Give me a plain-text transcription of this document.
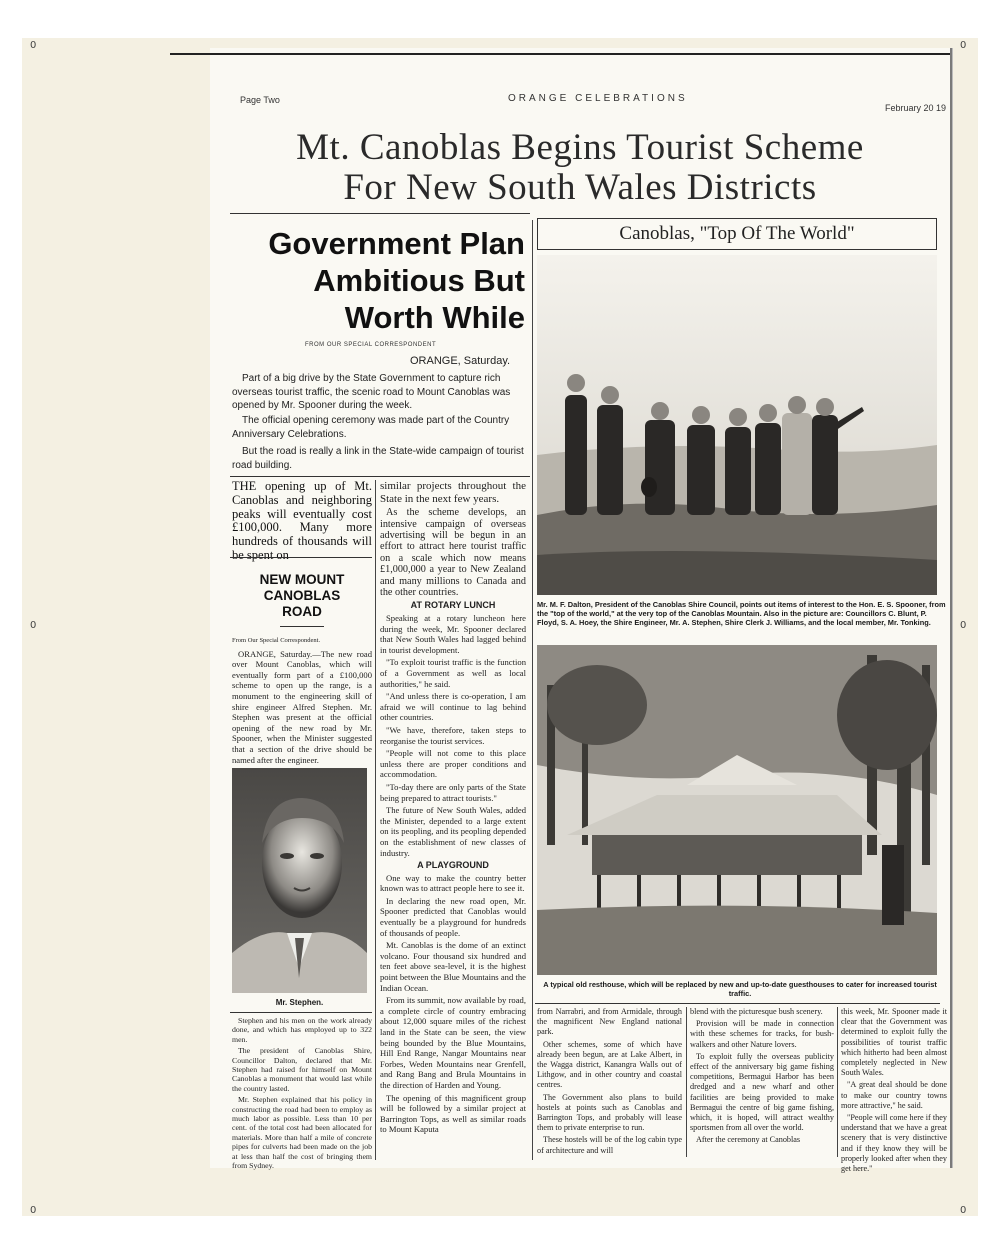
0	0
0	0
0
0
Page Two	ORANGE CELEBRATIONS
February 20 19
Mt. Canoblas Begins Tourist Scheme
For New South Wales Districts
Government Plan
Ambitious But
Worth While
FROM OUR SPECIAL CORRESPONDENT
ORANGE, Saturday.

Part of a big drive by the State Government to capture rich overseas tourist traffic, the scenic road to Mount Canoblas was opened by Mr. Spooner during the week.

The official opening ceremony was made part of the Country Anniversary Celebrations.

But the road is really a link in the State-wide campaign of tourist road building.

THE opening up of Mt. Canoblas and neighboring peaks will eventually cost £100,000. Many more hundreds of thousands will be spent on
NEW MOUNT
CANOBLAS
ROAD

From Our Special Correspondent.

ORANGE, Saturday.—The new road over Mount Canoblas, which will eventually form part of a £100,000 scheme to open up the range, is a monument to the engineering skill of shire engineer Alfred Stephen. Mr. Stephen was present at the official opening of the new road by Mr. Spooner, when the Minister suggested that a section of the drive should be named after the engineer.

Mr. Stephen.

Stephen and his men on the work already done, and which has employed up to 322 men.

The president of Canoblas Shire, Councillor Dalton, declared that Mr. Stephen had raised for himself on Mount Canoblas a monument that would last while the country lasted.

Mr. Stephen explained that his policy in constructing the road had been to employ as much labor as possible. Less than 10 per cent. of the total cost had been allocated for materials. More than half a mile of concrete pipes for culverts had been made on the job at less than half the cost of bringing them from Sydney.

similar projects throughout the State in the next few years.

As the scheme develops, an intensive campaign of overseas advertising will be begun in an effort to attract here tourist traffic on a scale which now means £1,000,000 a year to New Zealand and many millions to Canada and the other countries.

AT ROTARY LUNCH

Speaking at a rotary luncheon here during the week, Mr. Spooner declared that New South Wales had lagged behind in tourist development.

"To exploit tourist traffic is the function of a Government as well as local authorities," he said.

"And unless there is co-operation, I am afraid we will continue to lag behind other countries.

"We have, therefore, taken steps to reorganise the tourist services.

"People will not come to this place unless there are proper conditions and accommodation.

"To-day there are only parts of the State being prepared to attract tourists."

The future of New South Wales, added the Minister, depended to a large extent on its peopling, and its peopling depended on the establishment of new classes of industry.

A PLAYGROUND

One way to make the country better known was to attract people here to see it.

In declaring the new road open, Mr. Spooner predicted that Canoblas would eventually be a playground for hundreds of thousands of people.

Mt. Canoblas is the dome of an extinct volcano. Four thousand six hundred and ten feet above sea-level, it is the highest point between the Blue Mountains and the Indian Ocean.

From its summit, now available by road, a complete circle of country embracing about 12,000 square miles of the richest land in the State can be seen, the view being bounded by the Blue Mountains, Hill End Range, Nangar Mountains near Forbes, Weden Mountains near Grenfell, and Rang Bang and Brula Mountains in the direction of Harden and Young.

The opening of this magnificent group will be followed by a similar project at Barrington Tops, as well as similar roads to Mount Kaputa

Canoblas, "Top Of The World"
Mr. M. F. Dalton, President of the Canoblas Shire Council, points out items of interest to the Hon. E. S. Spooner, from the "top of the world," at the very top of the Canoblas Mountain. Also in the picture are: Councillors C. Blunt, P. Floyd, S. A. Hoey, the Shire Engineer, Mr. A. Stephen, Shire Clerk J. Williams, and the local member, Mr. Tonking.
A typical old resthouse, which will be replaced by new and up-to-date guesthouses to cater for increased tourist traffic.

from Narrabri, and from Armidale, through the magnificent New England national park.

Other schemes, some of which have already been begun, are at Lake Albert, in the Wagga district, Kanangra Walls out of Lithgow, and in other country and coastal centres.

The Government also plans to build hostels at points such as Canoblas and Barrington Tops, and probably will lease them to private enterprise to run.

These hostels will be of the log cabin type of architecture and will

blend with the picturesque bush scenery.

Provision will be made in connection with these schemes for tracks, for bush-walkers and other Nature lovers.

To exploit fully the overseas publicity effect of the anniversary big game fishing competitions, Bermagui Harbor has been dredged and a new wharf and other facilities are being provided to make Bermagui the centre of big game fishing, which, it is hoped, will attract wealthy sportsmen from all over the world.

After the ceremony at Canoblas

this week, Mr. Spooner made it clear that the Government was determined to exploit fully the possibilities of tourist traffic which hitherto had been almost completely neglected in New South Wales.

"A great deal should be done to make our country towns more attractive," he said.

"People will come here if they understand that we have a great scenery that is very distinctive and if they know they will be properly looked after when they get here."
